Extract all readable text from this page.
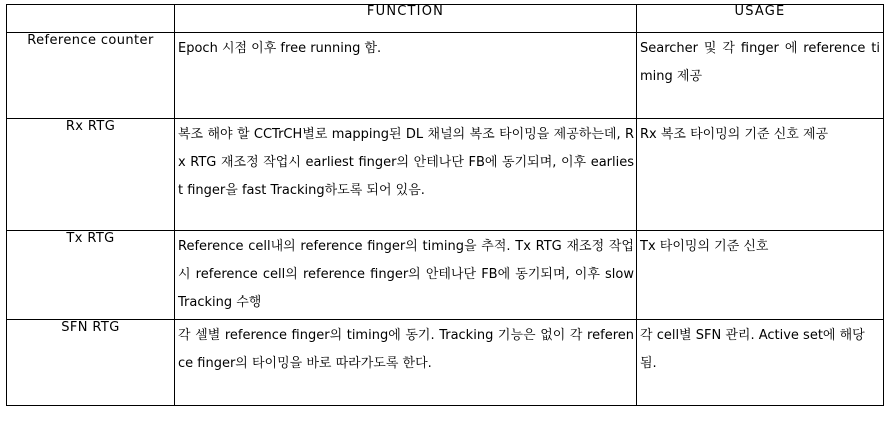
	FUNCTION	USAGE

Reference counter	Epoch 시점 이후 free running 함.	Searcher 및 각 finger 에 reference timing 제공

Rx RTG	복조 해야 할 CCTrCH별로 mapping된 DL 채널의 복조 타이밍을 제공하는데, Rx RTG 재조정 작업시 earliest finger의 안테나단 FB에 동기되며, 이후 earliest finger을 fast Tracking하도록 되어 있음.	Rx 복조 타이밍의 기준 신호 제공

Tx RTG	Reference cell내의 reference finger의 timing을 추적. Tx RTG 재조정 작업시 reference cell의 reference finger의 안테나단 FB에 동기되며, 이후 slow Tracking 수행	Tx 타이밍의 기준 신호

SFN RTG	각 셀별 reference finger의 timing에 동기. Tracking 기능은 없이 각 reference finger의 타이밍을 바로 따라가도록 한다.	각 cell별 SFN 관리. Active set에 해당됨.
